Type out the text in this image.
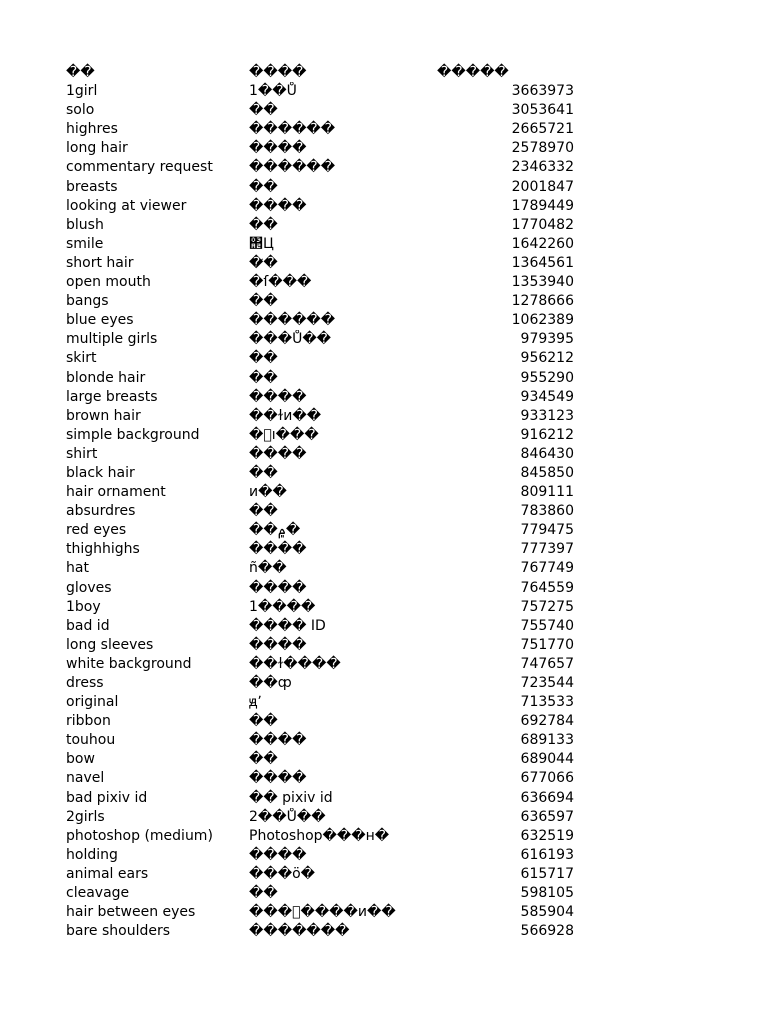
��	����	�����
1girl	1��Ů	3663973
solo	��	3053641
highres	������	2665721
long hair	����	2578970
commentary request	������	2346332
breasts	��	2001847
looking at viewer	����	1789449
blush	��	1770482
smile	΢Ц	1642260
short hair	�̷�	1364561
open mouth	�ſ���	1353940
bangs	��	1278666
blue eyes	������	1062389
multiple girls	���Ů��	979395
skirt	��	956212
blonde hair	��	955290
large breasts	����	934549
brown hair	��ɫͷ��	933123
simple background	�򵥵ı���	916212
shirt	����	846430
black hair	��	845850
hair ornament	ͷ��	809111
absurdres	��	783860
red eyes	��۾�	779475
thighhighs	����	777397
hat	ñ��	767749
gloves	����	764559
1boy	1����	757275
bad id	���� ID	755740
long sleeves	����	751770
white background	��ɫ����	747657
dress	��ȹ	723544
original	ԭʼ	713533
ribbon	��	692784
touhou	����	689133
bow	��	689044
navel	����	677066
bad pixiv id	�� pixiv id	636694
2girls	2��Ů��	636597
photoshop (medium)	Photoshop���н�	632519
holding	����	616193
animal ears	���ö�	615717
cleavage	��	598105
hair between eyes	����֮���ͷ��	585904
bare shoulders	�������	566928
